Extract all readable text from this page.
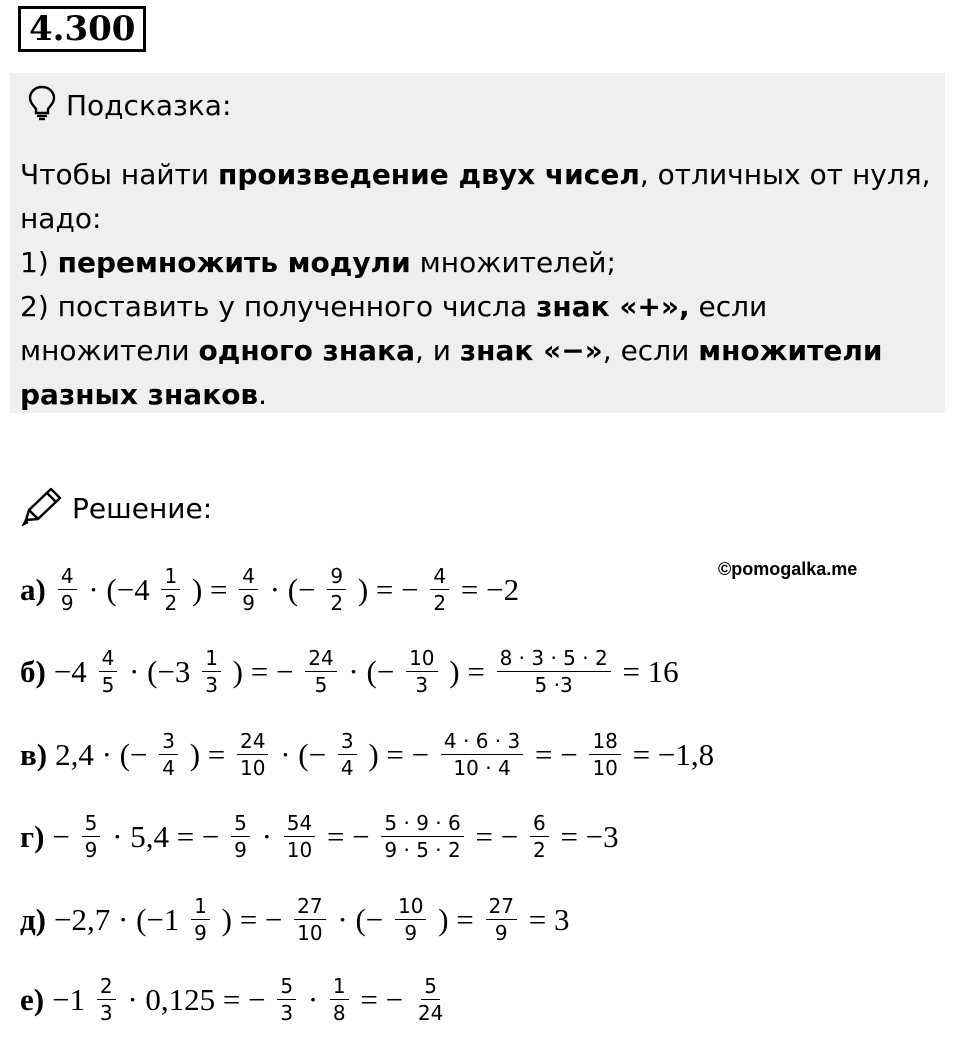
4.300
Подсказка:
Чтобы найти произведение двух чисел, отличных от нуля, надо:
1) перемножить модули множителей;
2) поставить у полученного числа знак «+», если множители одного знака, и знак «−», если множители разных знаков.
Решение:
©pomogalka.me
$а) \frac{4}{9} \cdot (-4 \frac{1}{2}$ ) = $\frac{4}{9}$ · (− $\frac{9}{2}$ ) = − $\frac{4}{2} = -2$
$б) -4 \frac{4}{5} \cdot (-3 \frac{1}{3}$ ) = − $\frac{24}{5}$ · (− $\frac{10}{3}$ ) = $\frac{8 \cdot 3 \cdot 5 \cdot 2}{5 \cdot 3} = 16$
в) 2,4 · (− $\frac{3}{4}$ ) = $\frac{24}{10}$ · (− $\frac{3}{4}$ ) = − $\frac{4 \cdot 6 \cdot 3}{10 \cdot 4}$ = − $\frac{18}{10} = -1,8$
$г) - \frac{5}{9} \cdot 5,4$ = − $\frac{5}{9} \cdot \frac{54}{10}$ = − $\frac{5 \cdot 9 \cdot 6}{9 \cdot 5 \cdot 2}$ = − $\frac{6}{2} = -3$
$д) -2,7 \cdot (-1 \frac{1}{9}$ ) = − $\frac{27}{10}$ · (− $\frac{10}{9}$ ) = $\frac{27}{9} = 3$
$е) -1 \frac{2}{3} \cdot 0,125$ = − $\frac{5}{3} \cdot \frac{1}{8}$ = − $\frac{5}{24}$
